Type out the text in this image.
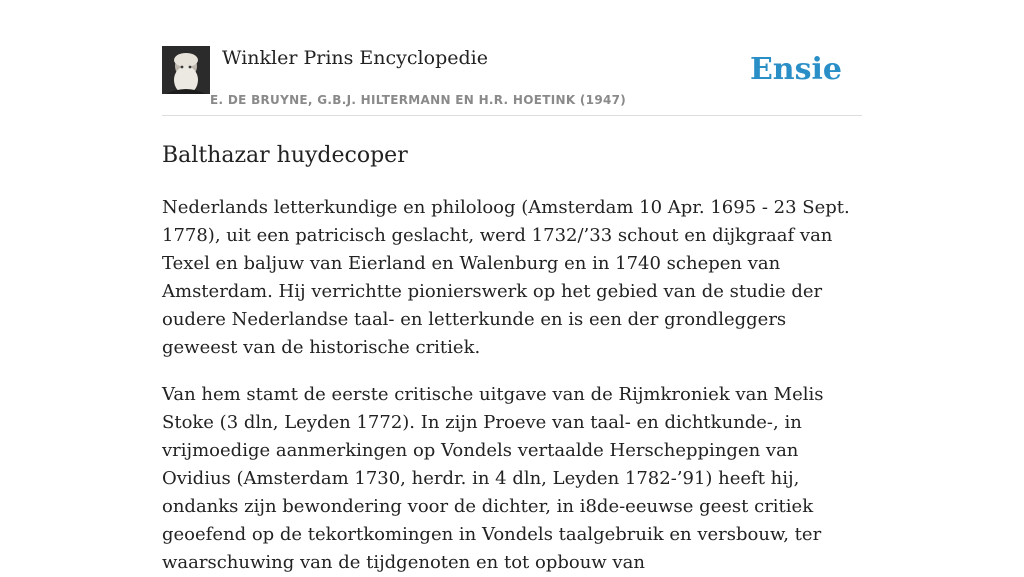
Winkler Prins Encyclopedie
E. DE BRUYNE, G.B.J. HILTERMANN EN H.R. HOETINK (1947)
Ensie
Balthazar huydecoper

Nederlands letterkundige en philoloog (Amsterdam 10 Apr. 1695 - 23 Sept. 1778), uit een patricisch geslacht, werd 1732/’33 schout en dijkgraaf van Texel en baljuw van Eierland en Walenburg en in 1740 schepen van Amsterdam. Hij verrichtte pionierswerk op het gebied van de studie der oudere Nederlandse taal- en letterkunde en is een der grondleggers geweest van de historische critiek.

Van hem stamt de eerste critische uitgave van de Rijmkroniek van Melis Stoke (3 dln, Leyden 1772). In zijn Proeve van taal- en dichtkunde-, in vrijmoedige aanmerkingen op Vondels vertaalde Herscheppingen van Ovidius (Amsterdam 1730, herdr. in 4 dln, Leyden 1782-’91) heeft hij, ondanks zijn bewondering voor de dichter, in i8de-eeuwse geest critiek geoefend op de tekortkomingen in Vondels taalgebruik en versbouw, ter waarschuwing van de tijdgenoten en tot opbouw van
